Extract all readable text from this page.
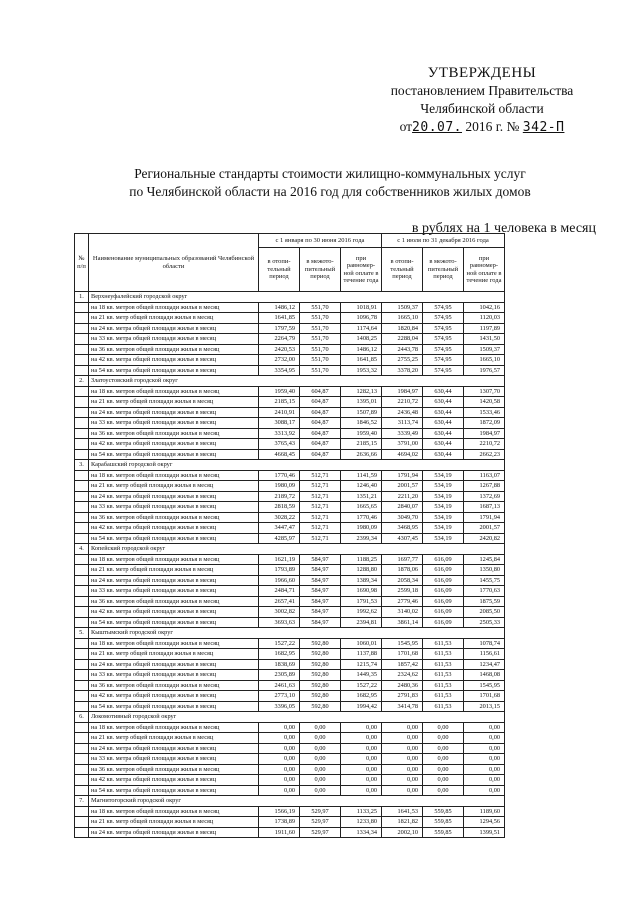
УТВЕРЖДЕНЫ
постановлением Правительства
Челябинской области
от20.07. 2016 г. № 342-П
Региональные стандарты стоимости жилищно-коммунальных услуг
по Челябинской области на 2016 год для собственников жилых домов
в рублях на 1 человека в месяц
№ п/п	Наименование муниципальных образований Челябинской области	с 1 января по 30 июня 2016 года			с 1 июля по 31 декабря 2016 года		
		в отопи-тельный период	в межото-пительный период	при равномер-ной оплате в течение года	в отопи-тельный период	в межото-пительный период	при равномер-ной оплате в течение года
1.	Верхнеуфалейский городской округ						
	на 18 кв. метров общей площади жилья в месяц	1486,12	551,70	1018,91	1509,37	574,95	1042,16
	на 21 кв. метр общей площади жилья в месяц	1641,85	551,70	1096,78	1665,10	574,95	1120,03
	на 24 кв. метра общей площади жилья в месяц	1797,59	551,70	1174,64	1820,84	574,95	1197,89
	на 33 кв. метра общей площади жилья в месяц	2264,79	551,70	1408,25	2288,04	574,95	1431,50
	на 36 кв. метров общей площади жилья в месяц	2420,53	551,70	1486,12	2443,78	574,95	1509,37
	на 42 кв. метра общей площади жилья в месяц	2732,00	551,70	1641,85	2755,25	574,95	1665,10
	на 54 кв. метра общей площади жилья в месяц	3354,95	551,70	1953,32	3378,20	574,95	1976,57
2.	Златоустовский городской округ						
	на 18 кв. метров общей площади жилья в месяц	1959,40	604,87	1282,13	1984,97	630,44	1307,70
	на 21 кв. метр общей площади жилья в месяц	2185,15	604,87	1395,01	2210,72	630,44	1420,58
	на 24 кв. метра общей площади жилья в месяц	2410,91	604,87	1507,89	2436,48	630,44	1533,46
	на 33 кв. метра общей площади жилья в месяц	3088,17	604,87	1846,52	3113,74	630,44	1872,09
	на 36 кв. метров общей площади жилья в месяц	3313,92	604,87	1959,40	3339,49	630,44	1984,97
	на 42 кв. метра общей площади жилья в месяц	3765,43	604,87	2185,15	3791,00	630,44	2210,72
	на 54 кв. метра общей площади жилья в месяц	4668,45	604,87	2636,66	4694,02	630,44	2662,23
3.	Карабашский городской округ						
	на 18 кв. метров общей площади жилья в месяц	1770,46	512,71	1141,59	1791,94	534,19	1163,07
	на 21 кв. метр общей площади жилья в месяц	1980,09	512,71	1246,40	2001,57	534,19	1267,88
	на 24 кв. метра общей площади жилья в месяц	2189,72	512,71	1351,21	2211,20	534,19	1372,69
	на 33 кв. метра общей площади жилья в месяц	2818,59	512,71	1665,65	2840,07	534,19	1687,13
	на 36 кв. метров общей площади жилья в месяц	3028,22	512,71	1770,46	3049,70	534,19	1791,94
	на 42 кв. метра общей площади жилья в месяц	3447,47	512,71	1980,09	3468,95	534,19	2001,57
	на 54 кв. метра общей площади жилья в месяц	4285,97	512,71	2399,34	4307,45	534,19	2420,82
4.	Копейский городской округ						
	на 18 кв. метров общей площади жилья в месяц	1621,19	584,97	1188,25	1697,77	616,09	1245,84
	на 21 кв. метр общей площади жилья в месяц	1793,89	584,97	1288,80	1878,06	616,09	1350,80
	на 24 кв. метра общей площади жилья в месяц	1966,60	584,97	1389,34	2058,34	616,09	1455,75
	на 33 кв. метра общей площади жилья в месяц	2484,71	584,97	1690,98	2599,18	616,09	1770,63
	на 36 кв. метров общей площади жилья в месяц	2657,41	584,97	1791,53	2779,46	616,09	1875,59
	на 42 кв. метра общей площади жилья в месяц	3002,82	584,97	1992,62	3140,02	616,09	2085,50
	на 54 кв. метра общей площади жилья в месяц	3693,63	584,97	2394,81	3861,14	616,09	2505,33
5.	Кыштымский городской округ						
	на 18 кв. метров общей площади жилья в месяц	1527,22	592,80	1060,01	1545,95	611,53	1078,74
	на 21 кв. метр общей площади жилья в месяц	1682,95	592,80	1137,88	1701,68	611,53	1156,61
	на 24 кв. метра общей площади жилья в месяц	1838,69	592,80	1215,74	1857,42	611,53	1234,47
	на 33 кв. метра общей площади жилья в месяц	2305,89	592,80	1449,35	2324,62	611,53	1468,08
	на 36 кв. метров общей площади жилья в месяц	2461,63	592,80	1527,22	2480,36	611,53	1545,95
	на 42 кв. метра общей площади жилья в месяц	2773,10	592,80	1682,95	2791,83	611,53	1701,68
	на 54 кв. метра общей площади жилья в месяц	3396,05	592,80	1994,42	3414,78	611,53	2013,15
6.	Локомотивный городской округ						
	на 18 кв. метров общей площади жилья в месяц	0,00	0,00	0,00	0,00	0,00	0,00
	на 21 кв. метр общей площади жилья в месяц	0,00	0,00	0,00	0,00	0,00	0,00
	на 24 кв. метра общей площади жилья в месяц	0,00	0,00	0,00	0,00	0,00	0,00
	на 33 кв. метра общей площади жилья в месяц	0,00	0,00	0,00	0,00	0,00	0,00
	на 36 кв. метров общей площади жилья в месяц	0,00	0,00	0,00	0,00	0,00	0,00
	на 42 кв. метра общей площади жилья в месяц	0,00	0,00	0,00	0,00	0,00	0,00
	на 54 кв. метра общей площади жилья в месяц	0,00	0,00	0,00	0,00	0,00	0,00
7.	Магнитогорский городской округ						
	на 18 кв. метров общей площади жилья в месяц	1566,19	529,97	1133,25	1641,53	559,85	1189,60
	на 21 кв. метр общей площади жилья в месяц	1738,89	529,97	1233,80	1821,82	559,85	1294,56
	на 24 кв. метра общей площади жилья в месяц	1911,60	529,97	1334,34	2002,10	559,85	1399,51
